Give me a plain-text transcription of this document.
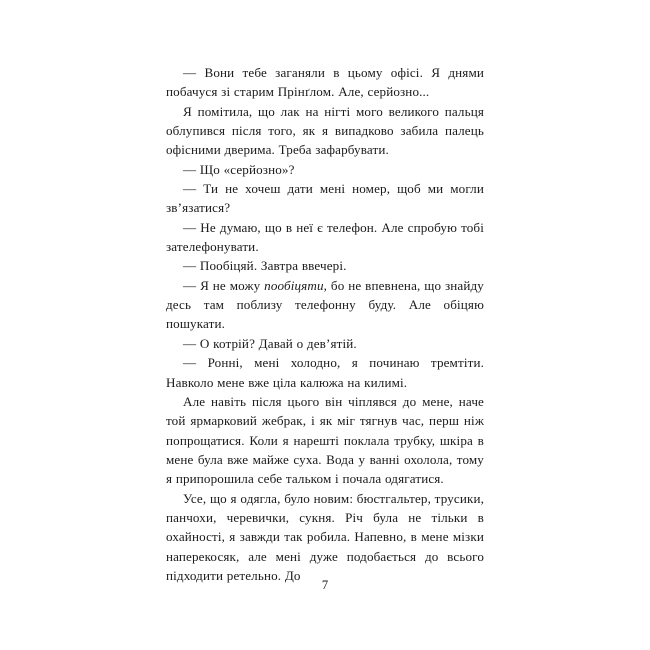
— Вони тебе заганяли в цьому офісі. Я днями побачуся зі старим Прінґлом. Але, серйозно...

Я помітила, що лак на нігті мого великого пальця облупився після того, як я випадково забила палець офісними дверима. Треба зафарбувати.

— Що «серйозно»?

— Ти не хочеш дати мені номер, щоб ми могли зв’язатися?

— Не думаю, що в неї є телефон. Але спробую тобі зателефонувати.

— Пообіцяй. Завтра ввечері.

— Я не можу пообіцяти, бо не впевнена, що знайду десь там поблизу телефонну буду. Але обіцяю пошукати.

— О котрій? Давай о дев’ятій.

— Ронні, мені холодно, я починаю тремтіти. Навколо мене вже ціла калюжа на килимі.

Але навіть після цього він чіплявся до мене, наче той ярмарковий жебрак, і як міг тягнув час, перш ніж попрощатися. Коли я нарешті поклала трубку, шкіра в мене була вже майже суха. Вода у ванні охолола, тому я припорошила себе тальком і почала одягатися.

Усе, що я одягла, було новим: бюстгальтер, трусики, панчохи, черевички, сукня. Річ була не тільки в охайності, я завжди так робила. Напевно, в мене мізки наперекосяк, але мені дуже подобається до всього підходити ретельно. До

7
